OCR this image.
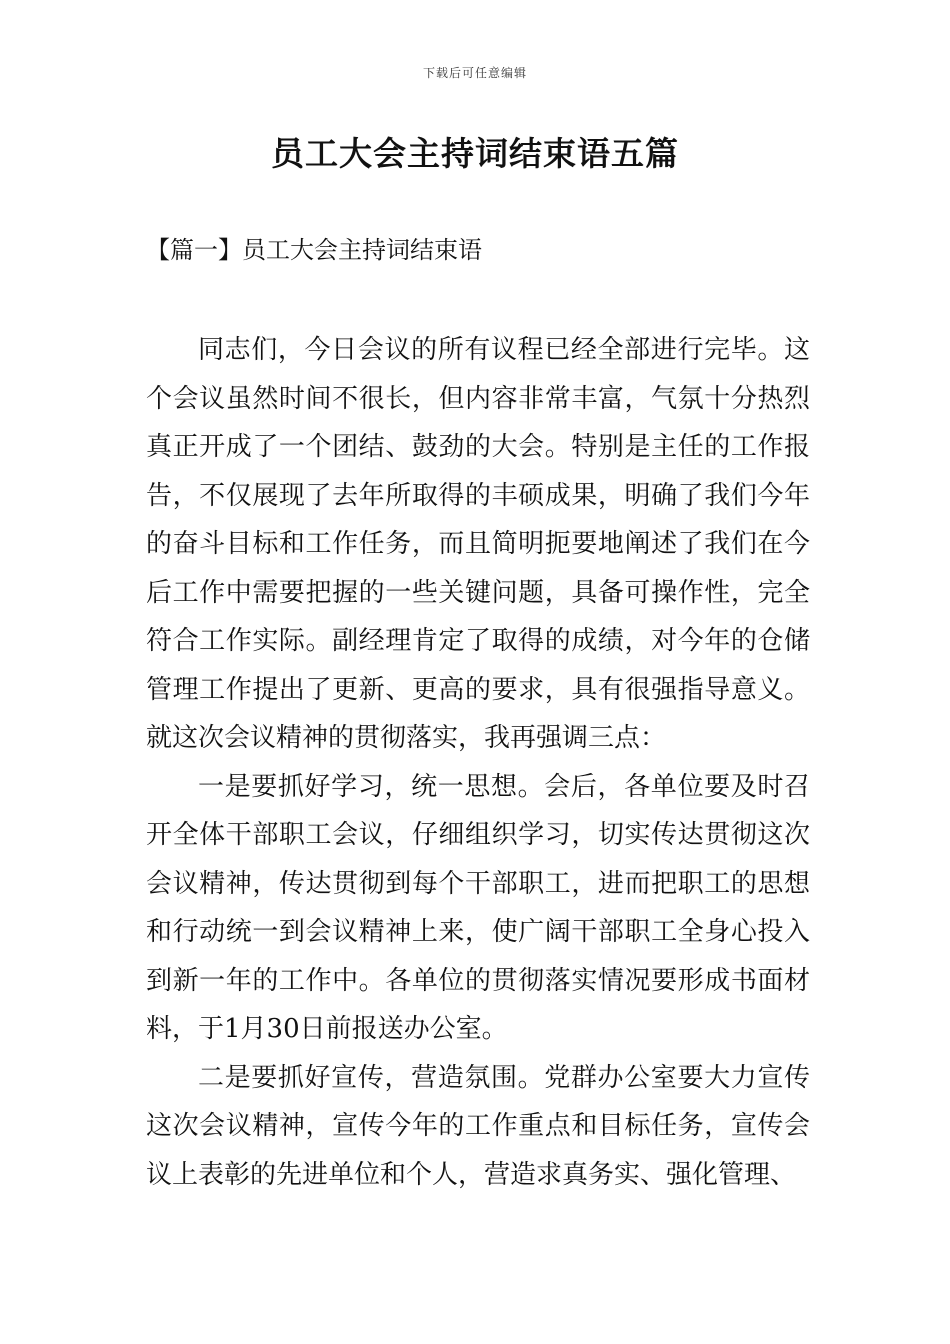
下载后可任意编辑
员工大会主持词结束语五篇
【篇一】员工大会主持词结束语

同志们，今日会议的所有议程已经全部进行完毕。这个会议虽然时间不很长，但内容非常丰富，气氛十分热烈真正开成了一个团结、鼓劲的大会。特别是主任的工作报告，不仅展现了去年所取得的丰硕成果，明确了我们今年的奋斗目标和工作任务，而且简明扼要地阐述了我们在今后工作中需要把握的一些关键问题，具备可操作性，完全符合工作实际。副经理肯定了取得的成绩，对今年的仓储管理工作提出了更新、更高的要求，具有很强指导意义。就这次会议精神的贯彻落实，我再强调三点：

一是要抓好学习，统一思想。会后，各单位要及时召开全体干部职工会议，仔细组织学习，切实传达贯彻这次会议精神，传达贯彻到每个干部职工，进而把职工的思想和行动统一到会议精神上来，使广阔干部职工全身心投入到新一年的工作中。各单位的贯彻落实情况要形成书面材料，于1月30日前报送办公室。

二是要抓好宣传，营造氛围。党群办公室要大力宣传这次会议精神，宣传今年的工作重点和目标任务，宣传会议上表彰的先进单位和个人，营造求真务实、强化管理、
